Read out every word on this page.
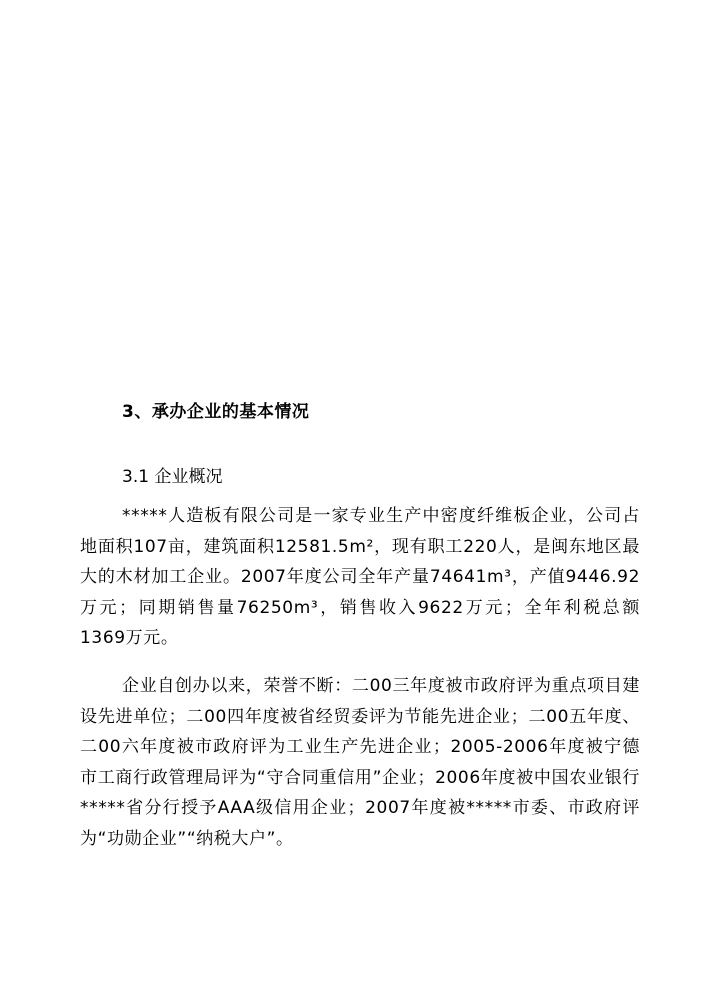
3、承办企业的基本情况
3.1 企业概况

*****人造板有限公司是一家专业生产中密度纤维板企业，公司占地面积107亩，建筑面积12581.5m²，现有职工220人，是闽东地区最大的木材加工企业。2007年度公司全年产量74641m³，产值9446.92万元；同期销售量76250m³，销售收入9622万元；全年利税总额1369万元。

企业自创办以来，荣誉不断：二00三年度被市政府评为重点项目建设先进单位；二00四年度被省经贸委评为节能先进企业；二00五年度、二00六年度被市政府评为工业生产先进企业；2005-2006年度被宁德市工商行政管理局评为“守合同重信用”企业；2006年度被中国农业银行*****省分行授予AAA级信用企业；2007年度被*****市委、市政府评为“功勋企业”“纳税大户”。
